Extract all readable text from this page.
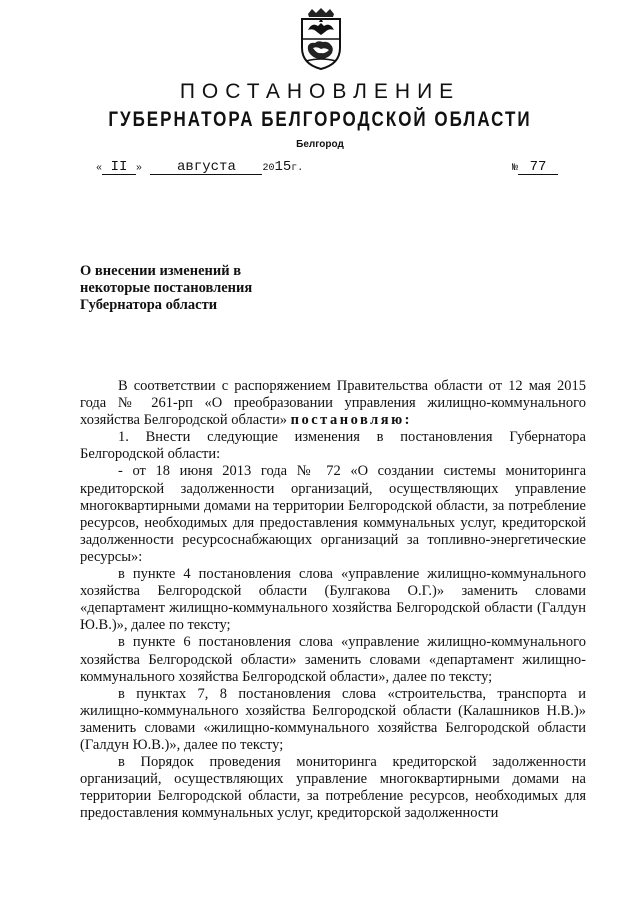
ПОСТАНОВЛЕНИЕ
ГУБЕРНАТОРА БЕЛГОРОДСКОЙ ОБЛАСТИ
Белгород
« II »	августа	2015г.	№ 77
О внесении изменений в
некоторые постановления
Губернатора области

В соответствии с распоряжением Правительства области от 12 мая 2015 года № 261-рп «О преобразовании управления жилищно-коммунального хозяйства Белгородской области» постановляю:

1. Внести следующие изменения в постановления Губернатора Белгородской области:

- от 18 июня 2013 года № 72 «О создании системы мониторинга кредиторской задолженности организаций, осуществляющих управление многоквартирными домами на территории Белгородской области, за потребление ресурсов, необходимых для предоставления коммунальных услуг, кредиторской задолженности ресурсоснабжающих организаций за топливно-энергетические ресурсы»:

в пункте 4 постановления слова «управление жилищно-коммунального хозяйства Белгородской области (Булгакова О.Г.)» заменить словами «департамент жилищно-коммунального хозяйства Белгородской области (Галдун Ю.В.)», далее по тексту;

в пункте 6 постановления слова «управление жилищно-коммунального хозяйства Белгородской области» заменить словами «департамент жилищно-коммунального хозяйства Белгородской области», далее по тексту;

в пунктах 7, 8 постановления слова «строительства, транспорта и жилищно-коммунального хозяйства Белгородской области (Калашников Н.В.)» заменить словами «жилищно-коммунального хозяйства Белгородской области (Галдун Ю.В.)», далее по тексту;

в Порядок проведения мониторинга кредиторской задолженности организаций, осуществляющих управление многоквартирными домами на территории Белгородской области, за потребление ресурсов, необходимых для предоставления коммунальных услуг, кредиторской задолженности
